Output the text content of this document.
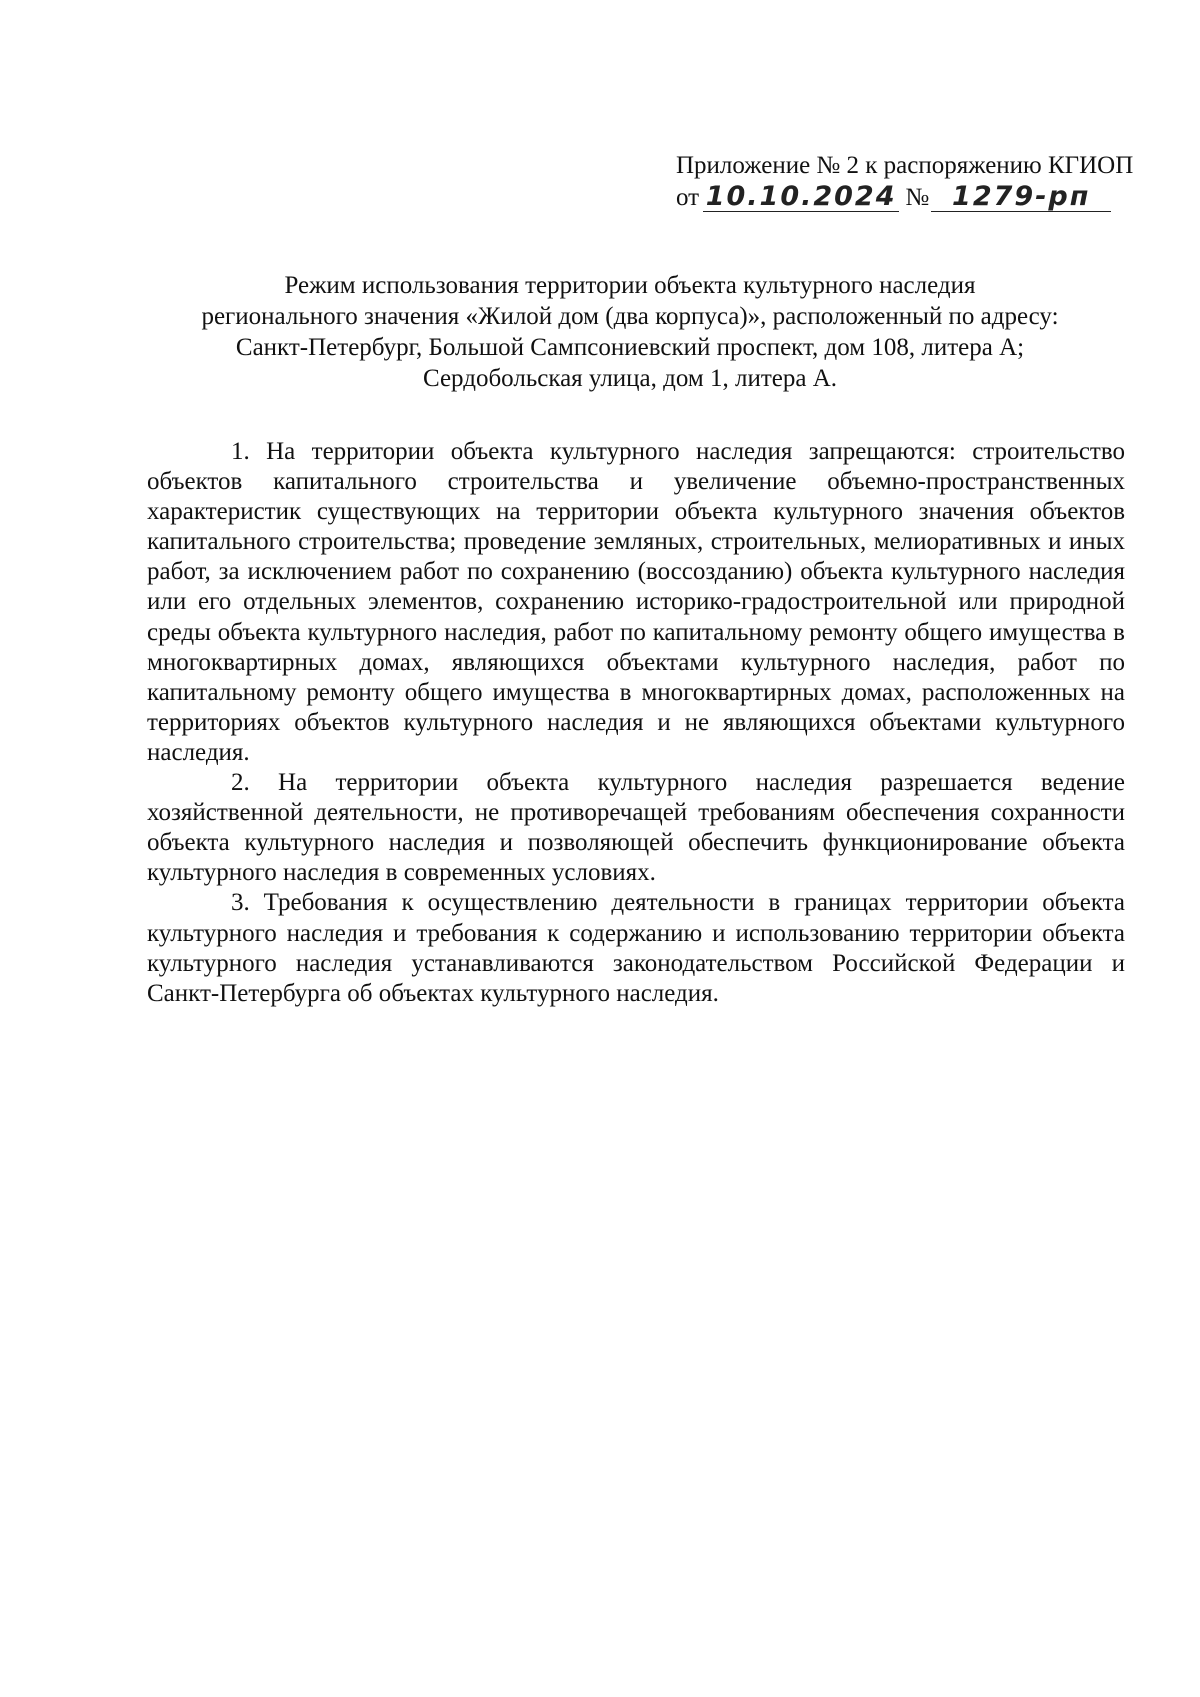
Приложение № 2 к распоряжению КГИОП
от 10.10.2024 № 1279-рп
Режим использования территории объекта культурного наследия
регионального значения «Жилой дом (два корпуса)», расположенный по адресу:
Санкт-Петербург, Большой Сампсониевский проспект, дом 108, литера А;
Сердобольская улица, дом 1, литера А.

1. На территории объекта культурного наследия запрещаются: строительство объектов капитального строительства и увеличение объемно-пространственных характеристик существующих на территории объекта культурного значения объектов капитального строительства; проведение земляных, строительных, мелиоративных и иных работ, за исключением работ по сохранению (воссозданию) объекта культурного наследия или его отдельных элементов, сохранению историко-градостроительной или природной среды объекта культурного наследия, работ по капитальному ремонту общего имущества в многоквартирных домах, являющихся объектами культурного наследия, работ по капитальному ремонту общего имущества в многоквартирных домах, расположенных на территориях объектов культурного наследия и не являющихся объектами культурного наследия.

2. На территории объекта культурного наследия разрешается ведение хозяйственной деятельности, не противоречащей требованиям обеспечения сохранности объекта культурного наследия и позволяющей обеспечить функционирование объекта культурного наследия в современных условиях.

3. Требования к осуществлению деятельности в границах территории объекта культурного наследия и требования к содержанию и использованию территории объекта культурного наследия устанавливаются законодательством Российской Федерации и Санкт-Петербурга об объектах культурного наследия.
